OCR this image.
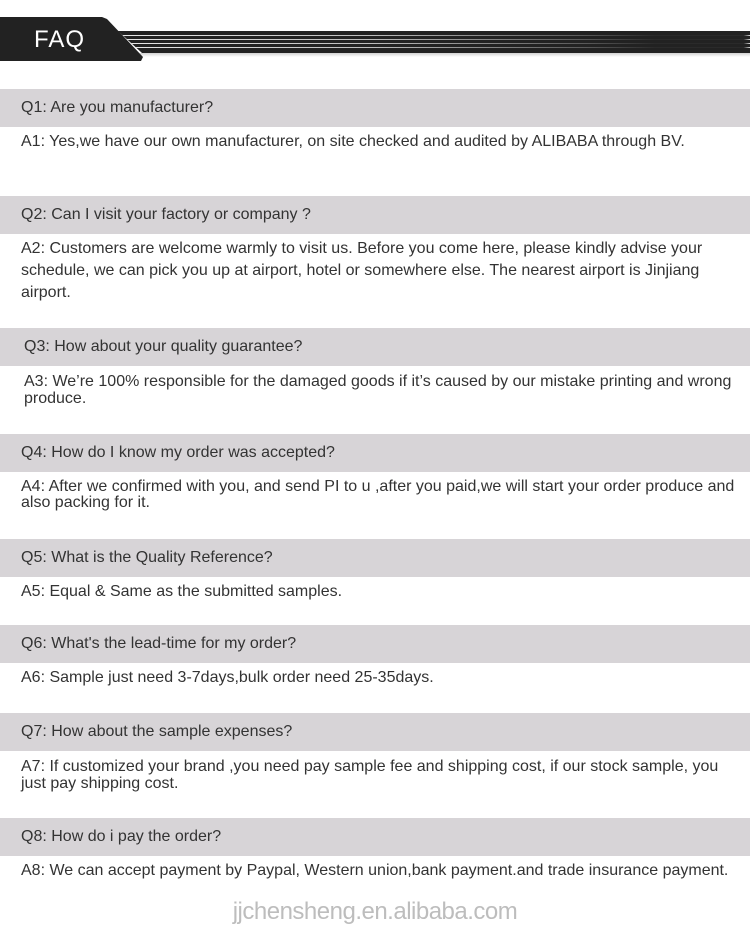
FAQ
Q1: Are you manufacturer?
A1: Yes,we have our own manufacturer, on site checked and audited by ALIBABA through BV.
Q2: Can I visit your factory or company ?
A2: Customers are welcome warmly to visit us. Before you come here, please kindly advise your schedule, we can pick you up at airport, hotel or somewhere else. The nearest airport is Jinjiang airport.
Q3: How about your quality guarantee?
A3: We’re 100% responsible for the damaged goods if it’s caused by our mistake printing and wrong produce.
Q4: How do I know my order was accepted?
A4: After we confirmed with you, and send PI to u ,after you paid,we will start your order produce and also packing for it.
Q5: What is the Quality Reference?
A5: Equal & Same as the submitted samples.
Q6: What's the lead-time for my order?
A6: Sample just need 3-7days,bulk order need 25-35days.
Q7: How about the sample expenses?
A7: If customized your brand ,you need pay sample fee and shipping cost, if our stock sample, you just pay shipping cost.
Q8: How do i pay the order?
A8: We can accept payment by Paypal, Western union,bank payment.and trade insurance payment.
jjchensheng.en.alibaba.com
